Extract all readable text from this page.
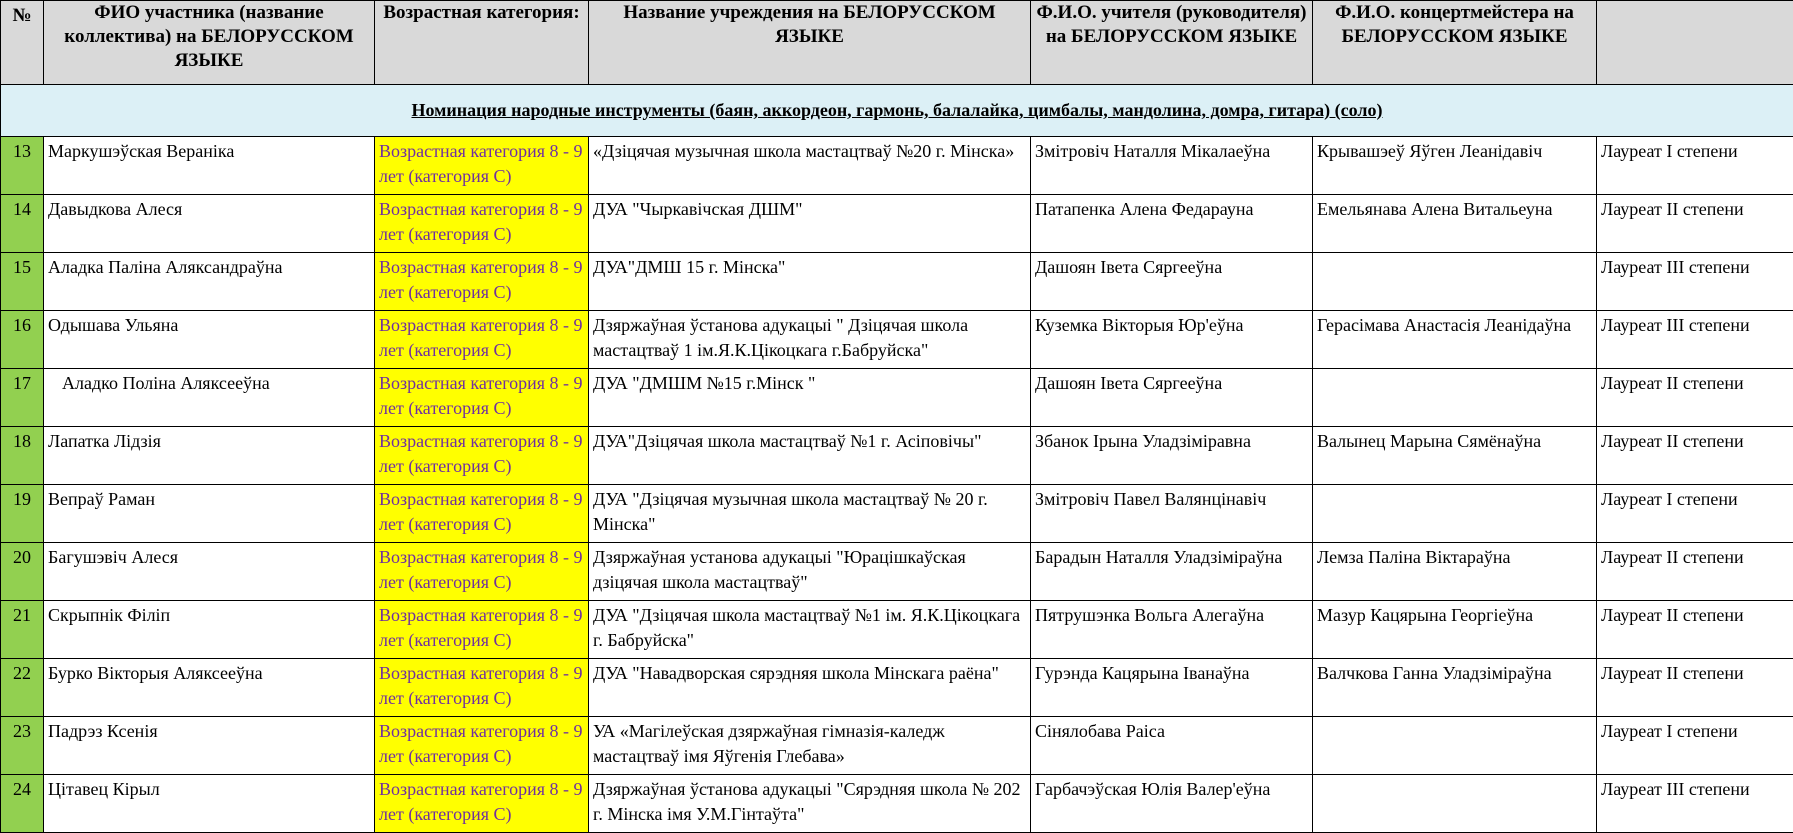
№	ФИО участника (название коллектива) на БЕЛОРУССКОМ ЯЗЫКЕ	Возрастная категория:	Название учреждения на БЕЛОРУССКОМ ЯЗЫКЕ	Ф.И.О. учителя (руководителя) на БЕЛОРУССКОМ ЯЗЫКЕ	Ф.И.О. концертмейстера на БЕЛОРУССКОМ ЯЗЫКЕ	
Номинация народные инструменты (баян, аккордеон, гармонь, балалайка, цимбалы, мандолина, домра, гитара) (соло)						
13	Маркушэўская Вераніка	Возрастная категория 8 - 9 лет (категория С)	«Дзіцячая музычная школа мастацтваў №20 г. Мінска»	Змітровіч Наталля Мікалаеўна	Крывашэеў Яўген Леанідавіч	Лауреат I степени
14	Давыдкова Алеся	Возрастная категория 8 - 9 лет (категория С)	ДУА "Чыркавічская ДШМ"	Патапенка Алена Федарауна	Емельянава Алена Витальеуна	Лауреат II степени
15	Аладка Паліна Аляксандраўна	Возрастная категория 8 - 9 лет (категория С)	ДУА"ДМШ 15 г. Мінска"	Дашоян Івета Сяргееўна		Лауреат III степени
16	Одышава Ульяна	Возрастная категория 8 - 9 лет (категория С)	Дзяржаўная ўстанова адукацыі " Дзіцячая школа мастацтваў 1 ім.Я.К.Цікоцкага г.Бабруйска"	Куземка Вікторыя Юр'еўна	Герасімава Анастасія Леанідаўна	Лауреат III степени
17	Аладко Поліна Аляксееўна	Возрастная категория 8 - 9 лет (категория С)	ДУА "ДМШМ №15 г.Мінск "	Дашоян Івета Сяргееўна		Лауреат II степени
18	Лапатка Лідзія	Возрастная категория 8 - 9 лет (категория С)	ДУА"Дзіцячая школа мастацтваў №1 г. Асіповічы"	Збанок Ірына Уладзіміравна	Валынец Марына Сямёнаўна	Лауреат II степени
19	Вепраў Раман	Возрастная категория 8 - 9 лет (категория С)	ДУА "Дзіцячая музычная школа мастацтваў № 20 г. Мінска"	Змітровіч Павел Валянцінавіч		Лауреат I степени
20	Багушэвіч Алеся	Возрастная категория 8 - 9 лет (категория С)	Дзяржаўная установа адукацыі "Юрацішкаўская дзіцячая школа мастацтваў"	Барадын Наталля Уладзіміраўна	Лемза Паліна Віктараўна	Лауреат II степени
21	Скрыпнік Філіп	Возрастная категория 8 - 9 лет (категория С)	ДУА "Дзіцячая школа мастацтваў №1 ім. Я.К.Цікоцкага г. Бабруйска"	Пятрушэнка Вольга Алегаўна	Мазур Кацярына Георгіеўна	Лауреат II степени
22	Бурко Вікторыя Аляксееўна	Возрастная категория 8 - 9 лет (категория С)	ДУА "Навадворская сярэдняя школа Мінскага раёна"	Гурэнда Кацярына Іванаўна	Валчкова Ганна Уладзіміраўна	Лауреат II степени
23	Падрэз Ксенія	Возрастная категория 8 - 9 лет (категория С)	УА «Магілеўская дзяржаўная гімназія-каледж мастацтваў імя Яўгенія Глебава»	Сінялобава Раіса		Лауреат I степени
24	Цітавец Кірыл	Возрастная категория 8 - 9 лет (категория С)	Дзяржаўная ўстанова адукацыі "Сярэдняя школа № 202 г. Мінска імя У.М.Гінтаўта"	Гарбачэўская Юлія Валер'еўна		Лауреат III степени
